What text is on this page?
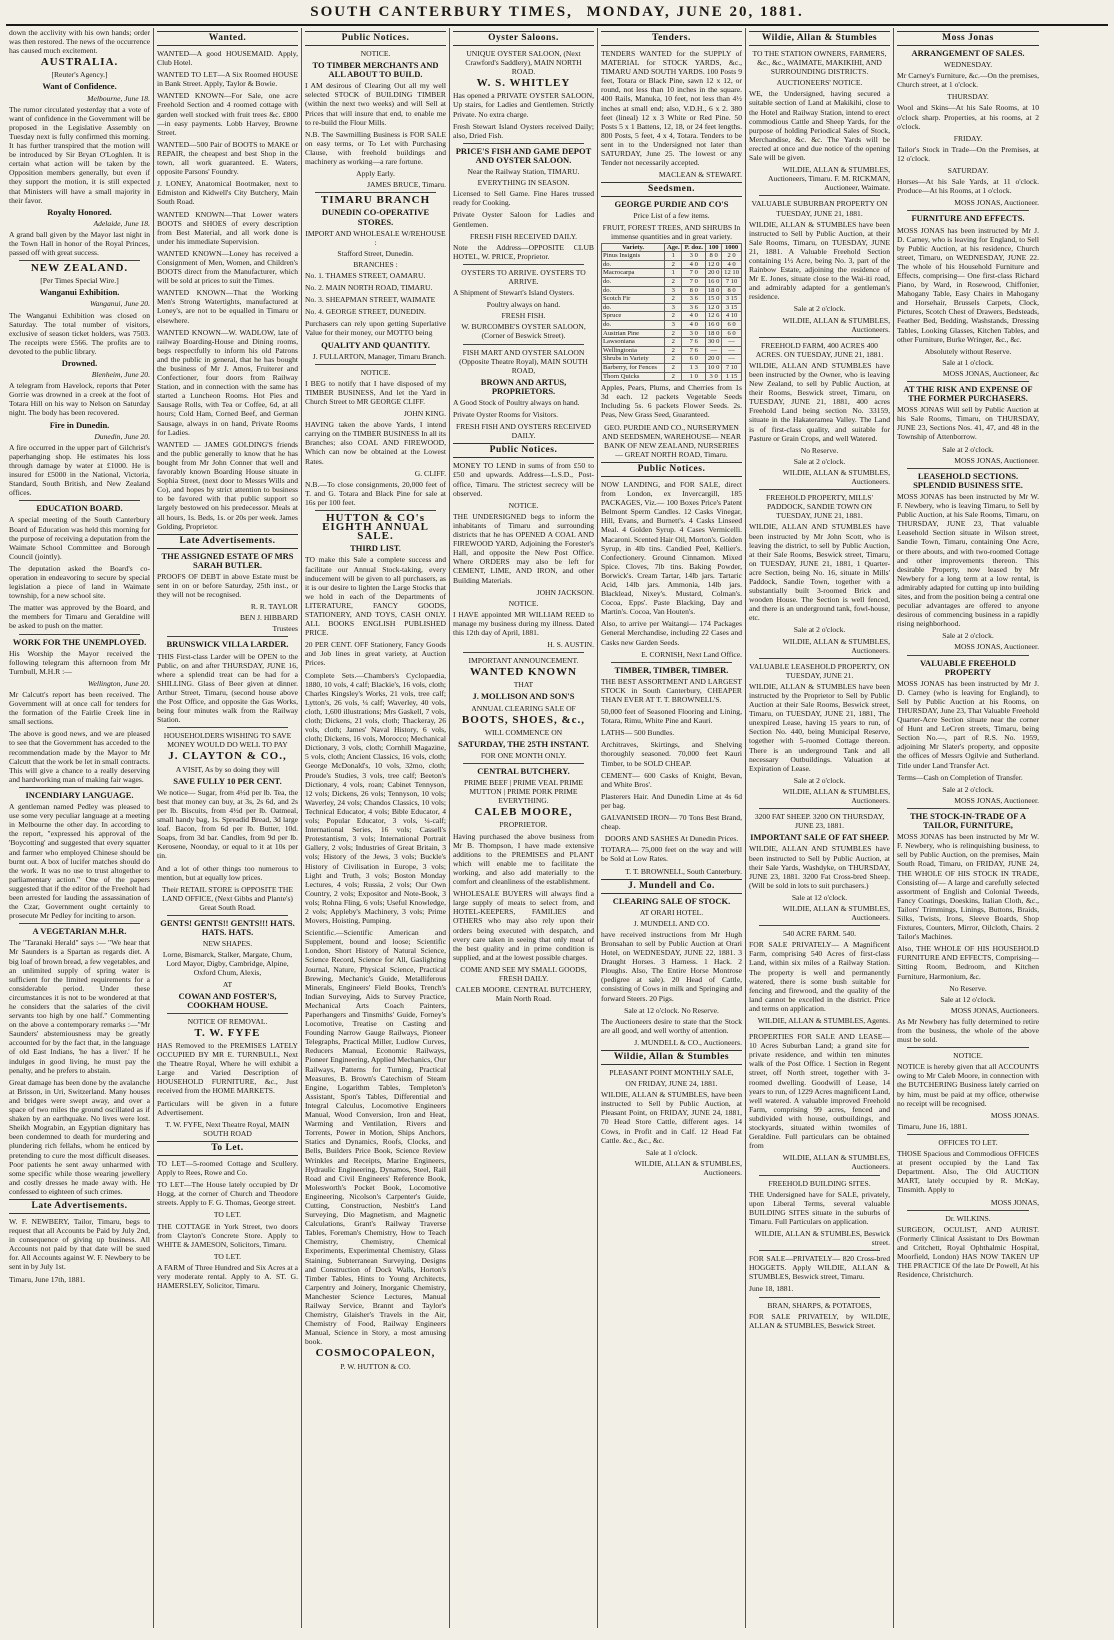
SOUTH CANTERBURY TIMES, MONDAY, JUNE 20, 1881.

down the acclivity with his own hands; order was then restored. The news of the occurrence has caused much excitement.

AUSTRALIA.

[Reuter's Agency.]

Want of Confidence.

Melbourne, June 18.

The rumor circulated yesterday that a vote of want of confidence in the Government will be proposed in the Legislative Assembly on Tuesday next is fully confirmed this morning. It has further transpired that the motion will be introduced by Sir Bryan O'Loghlen. It is certain what action will be taken by the Opposition members generally, but even if they support the motion, it is still expected that Ministers will have a small majority in their favor.

Royalty Honored.

Adelaide, June 18.

A grand ball given by the Mayor last night in the Town Hall in honor of the Royal Princes, passed off with great success.

NEW ZEALAND.

[Per Times Special Wire.]

Wanganui Exhibition.

Wanganui, June 20.

The Wanganui Exhibition was closed on Saturday. The total number of visitors, exclusive of season ticket holders, was 7503. The receipts were £566. The profits are to devoted to the public library.

Drowned.

Blenheim, June 20.

A telegram from Havelock, reports that Peter Gorrie was drowned in a creek at the foot of Totara Hill on his way to Nelson on Saturday night. The body has been recovered.

Fire in Dunedin.

Dunedin, June 20.

A fire occurred in the upper part of Gilchrist's paperhanging shop. He estimates his loss through damage by water at £1000. He is insured for £5000 in the National, Victoria, Standard, South British, and New Zealand offices.

EDUCATION BOARD.

A special meeting of the South Canterbury Board of Education was held this morning for the purpose of receiving a deputation from the Waimate School Committee and Borough Council (jointly).

The deputation asked the Board's co-operation in endeavoring to secure by special legislation a piece of land in Waimate township, for a new school site.

The matter was approved by the Board, and the members for Timaru and Geraldine will be asked to push on the matter.

WORK FOR THE UNEMPLOYED.

His Worship the Mayor received the following telegram this afternoon from Mr Turnbull, M.H.R :—

Wellington, June 20.

Mr Calcutt's report has been received. The Government will at once call for tenders for the formation of the Fairlie Creek line in small sections.

The above is good news, and we are pleased to see that the Government has acceded to the recommendation made by the Mayor to Mr Calcutt that the work be let in small contracts. This will give a chance to a really deserving and hardworking man of making fair wages.

INCENDIARY LANGUAGE.

A gentleman named Pedley was pleased to use some very peculiar language at a meeting in Melbourne the other day. In according to the report, "expressed his approval of the 'Boycotting' and suggested that every squatter and farmer who employed Chinese should be burnt out. A box of lucifer matches should do the work. It was no use to trust altogether to parliamentary action." One of the papers suggested that if the editor of the Freeholt had been arrested for lauding the assassination of the Czar, Government ought certainly to prosecute Mr Pedley for inciting to arson.

A VEGETARIAN M.H.R.

The "Taranaki Herald" says :— "We hear that Mr Saunders is a Spartan as regards diet. A big loaf of brown bread, a few vegetables, and an unlimited supply of spring water is sufficient for the limited requirements for a considerable period. Under these circumstances it is not to be wondered at that he considers that the salaries of the civil servants too high by one half." Commenting on the above a contemporary remarks :—"Mr Saunders' abstemiousness may be greatly accounted for by the fact that, in the language of old East Indians, 'he has a liver.' If he indulges in good living, he must pay the penalty, and he prefers to abstain.

Great damage has been done by the avalanche at Brisson, in Uri, Switzerland. Many houses and bridges were swept away, and over a space of two miles the ground oscillated as if shaken by an earthquake. No lives were lost. Sheikh Mograbin, an Egyptian dignitary has been condemned to death for murdering and plundering rich fellahs, whom he enticed by pretending to cure the most difficult diseases. Poor patients he sent away unharmed with some specific while those wearing jewellery and costly dresses he made away with. He confessed to eighteen of such crimes.

Late Advertisements.

W. F. NEWBERY, Tailor, Timaru, begs to request that all Accounts be Paid by July 2nd, in consequence of giving up business. All Accounts not paid by that date will be sued for. All Accounts against W. F. Newbery to be sent in by July 1st.

Timaru, June 17th, 1881.

Wanted.

WANTED—A good HOUSEMAID. Apply, Club Hotel.

WANTED TO LET—A Six Roomed HOUSE in Bank Street. Apply, Taylor & Bowie.

WANTED KNOWN—For Sale, one acre Freehold Section and 4 roomed cottage with garden well stocked with fruit trees &c. £800—in easy payments. Lobb Harvey, Browne Street.

WANTED—500 Pair of BOOTS to MAKE or REPAIR, the cheapest and best Shop in the town, all work guaranteed. E. Waters, opposite Parsons' Foundry.

J. LONEY, Anatomical Bootmaker, next to Edmiston and Kidwell's City Butchery, Main South Road.

WANTED KNOWN—That Lower waters BOOTS and SHOES of every description from Best Material, and all work done is under his immediate Supervision.

WANTED KNOWN—Loney has received a Consignment of Men, Women, and Children's BOOTS direct from the Manufacturer, which will be sold at prices to suit the Times.

WANTED KNOWN—That the Working Men's Strong Watertights, manufactured at Loney's, are not to be equalled in Timaru or elsewhere.

WANTED KNOWN—W. WADLOW, late of railway Boarding-House and Dining rooms, begs respectfully to inform his old Patrons and the public in general, that he has bought the business of Mr J. Amos, Fruiterer and Confectioner, four doors from Railway Station, and in connection with the same has started a Luncheon Rooms. Hot Pies and Sausage Rolls, with Tea or Coffee, 6d, at all hours; Cold Ham, Corned Beef, and German Sausage, always in on hand, Private Rooms for Ladies.

WANTED — JAMES GOLDING'S friends and the public generally to know that he has bought from Mr John Conner that well and favorably known Boarding House situate in Sophia Street, (next door to Messrs Wills and Co), and hopes by strict attention to business to be favored with that public support so largely bestowed on his predecessor. Meals at all hours, 1s. Beds, 1s. or 20s per week. James Golding, Proprietor.

Late Advertisements.
THE ASSIGNED ESTATE OF MRS SARAH BUTLER.

PROOFS OF DEBT in above Estate must be sent in on or before Saturday, 25th inst., or they will not be recognised.

R. R. TAYLOR

BEN J. HIBBARD

Trustees

BRUNSWICK VILLA LARDER.

THIS First-class Larder will be OPEN to the Public, on and after THURSDAY, JUNE 16, where a splendid treat can be had for a SHILLING. Glass of Beer given at dinner. Arthur Street, Timaru, (second house above the Post Office, and opposite the Gas Works, being four minutes walk from the Railway Station.

HOUSEHOLDERS WISHING TO SAVE MONEY WOULD DO WELL TO PAY

J. CLAYTON & CO.,

A VISIT, As by so doing they will

SAVE FULLY 10 PER CENT.

We notice— Sugar, from 4½d per lb. Tea, the best that money can buy, at 3s, 2s 6d, and 2s per lb. Biscuits, from 4½d per lb. Oatmeal, small handy bag, 1s. Spreadid Bread, 3d large loaf. Bacon, from 6d per lb. Butter, 10d. Soaps, from 3d bar. Candles, from 9d per lb. Kerosene, Noonday, or equal to it at 10s per tin.

And a lot of other things too numerous to mention, but at equally low prices.

Their RETAIL STORE is OPPOSITE THE LAND OFFICE, (Next Gibbs and Plante's) Great South Road.

GENTS! GENTS!! GENTS!!! HATS. HATS. HATS.

NEW SHAPES.

Lorne, Bismarck, Stalker, Margate, Chum, Lord Mayor, Digby, Cambridge, Alpine, Oxford Chum, Alexis,

AT

COWAN AND FOSTER'S, COOKHAM HOUSE.

NOTICE OF REMOVAL.

T. W. FYFE

HAS Removed to the PREMISES LATELY OCCUPIED BY MR E. TURNBULL, Next the Theatre Royal, Where he will exhibit a Large and Varied Description of HOUSEHOLD FURNITURE, &c., Just received from the HOME MARKETS.

Particulars will be given in a future Advertisement.

T. W. FYFE, Next Theatre Royal, MAIN SOUTH ROAD

To Let.

TO LET—5-roomed Cottage and Scullery. Apply to Rees, Rowe and Co.

TO LET—The House lately occupied by Dr Hogg, at the corner of Church and Theodore streets. Apply to F. G. Thomas, George street.

TO LET.

THE COTTAGE in York Street, two doors from Clayton's Concrete Store. Apply to WHITE & JAMESON, Solicitors, Timaru.

TO LET.

A FARM of Three Hundred and Six Acres at a very moderate rental. Apply to A. ST. G. HAMERSLEY, Solicitor, Timaru.

Public Notices.

NOTICE.

TO TIMBER MERCHANTS AND ALL ABOUT TO BUILD.

I AM desirous of Clearing Out all my well selected STOCK of BUILDING TIMBER (within the next two weeks) and will Sell at Prices that will insure that end, to enable me to re-build the Flour Mills.

N.B. The Sawmilling Business is FOR SALE on easy terms, or To Let with Purchasing Clause, with freehold buildings and machinery as working—a rare fortune.

Apply Early.

JAMES BRUCE, Timaru.

TIMARU BRANCH
DUNEDIN CO-OPERATIVE STORES.

IMPORT AND WHOLESALE W/REHOUSE :

Stafford Street, Dunedin.

BRANCHES :

No. 1. THAMES STREET, OAMARU.

No. 2. MAIN NORTH ROAD, TIMARU.

No. 3. SHEAPMAN STREET, WAIMATE

No. 4. GEORGE STREET, DUNEDIN.

Purchasers can rely upon getting Superlative Value for their money, our MOTTO being

QUALITY AND QUANTITY.

J. FULLARTON, Manager, Timaru Branch.

NOTICE.

I BEG to notify that I have disposed of my TIMBER BUSINESS, And let the Yard in Church Street to MR GEORGE CLIFF.

JOHN KING.

HAVING taken the above Yards, I intend carrying on the TIMBER BUSINESS In all its Branches; also COAL AND FIREWOOD, Which can now be obtained at the Lowest Rates.

G. CLIFF.

N.B.—To close consignments, 20,000 feet of T. and G. Totara and Black Pine for sale at 16s per 100 feet.

HUTTON & CO's EIGHTH ANNUAL SALE.
THIRD LIST.

TO make this Sale a complete success and facilitate our Annual Stock-taking, every inducement will be given to all purchasers, as it is our desire to lighten the Large Stocks that we hold in each of the Departments of LITERATURE, FANCY GOODS, STATIONERY, AND TOYS, CASH ONLY. ALL BOOKS ENGLISH PUBLISHED PRICE.

20 PER CENT. OFF Stationery, Fancy Goods and Job lines in great variety, at Auction Prices.

Complete Sets.—Chambers's Cyclopaedia, 1880, 10 vols, 4 calf; Blackie's, 16 vols, cloth; Charles Kingsley's Works, 21 vols, tree calf; Lytton's, 26 vols, ¼ calf; Waverley, 40 vols, cloth, 1,600 illustrations; Mrs Gaskell, 7 vols, cloth; Dickens, 21 vols, cloth; Thackeray, 26 vols, cloth; James' Naval History, 6 vols, cloth; Dickens, 16 vols, Morocco; Mechanical Dictionary, 3 vols, cloth; Cornhill Magazine, 5 vols, cloth; Ancient Classics, 16 vols, cloth; George McDonald's, 10 vols, 32mo, cloth; Proude's Studies, 3 vols, tree calf; Beeton's Dictionary, 4 vols, roan; Cabinet Tennyson, 12 vols; Dickens, 26 vols; Tennyson, 10 vols; Waverley, 24 vols; Chandos Classics, 10 vols; Technical Educator, 4 vols; Bible Educator, 4 vols; Popular Educator, 3 vols, ¼-calf; International Series, 16 vols; Cassell's Protestantism, 3 vols; International Portrait Gallery, 2 vols; Industries of Great Britain, 3 vols; History of the Jews, 3 vols; Buckle's History of Civilisation in Europe, 3 vols; Light and Truth, 3 vols; Boston Monday Lectures, 4 vols; Russia, 2 vols; Our Own Country, 2 vols; Expositor and Note-Book, 3 vols; Rohna Fling, 6 vols; Useful Knowledge, 2 vols; Appleby's Machinery, 3 vols; Prime Movers, Hoisting, Pumping.

Scientific.—Scientific American and Supplement, bound and loose; Scientific London, Short History of Natural Science, Science Record, Science for All, Gaslighting Journal, Nature, Physical Science, Practical Brewing, Mechanic's Guide, Metalliferous Minerals, Engineers' Field Books, Trench's Indian Surveying, Aids to Survey Practice, Mechanical Arts Coach Painters, Paperhangers and Tinsmiths' Guide, Forney's Locomotive, Treatise on Casting and Founding Narrow Gauge Railways, Pioneer Telegraphs, Practical Miller, Ludlow Curves, Reducers Manual, Economic Railways, Pioneer Engineering, Applied Mechanics, Our Railways, Patterns for Turning, Practical Measures, B. Brown's Catechism of Steam Engine, Logarithm Tables, Templeton's Assistant, Spon's Tables, Differential and Integral Calculus, Locomotive Engineers Manual, Wood Conversion, Iron and Heat, Warming and Ventilation, Rivers and Torrents, Power in Motion, Ships Anchors, Statics and Dynamics, Roofs, Clocks, and Bells, Builders Price Book, Science Review Wrinkles and Receipts, Marine Engineers, Hydraulic Engineering, Dynamos, Steel, Rail Road and Civil Engineers' Reference Book, Molesworth's Pocket Book, Locomotive Engineering, Nicolson's Carpenter's Guide, Cutting, Construction, Nesbitt's Land Surveying, Dio Magnetism, and Magnetic Calculations, Grant's Railway Traverse Tables, Foreman's Chemistry, How to Teach Chemistry, Chemistry, Chemical Experiments, Experimental Chemistry, Glass Staining, Subterranean Surveying, Designs and Construction of Dock Walls, Horton's Timber Tables, Hints to Young Architects, Carpentry and Joinery, Inorganic Chemistry, Manchester Science Lectures, Manual Railway Service, Brannt and Taylor's Chemistry, Glaisher's Travels in the Air, Chemistry of Food, Railway Engineers Manual, Science in Story, a most amusing book.

COSMOCOPALEON,

P. W. HUTTON & CO.

Oyster Saloons.

UNIQUE OYSTER SALOON, (Next Crawford's Saddlery), MAIN NORTH ROAD.

W. S. WHITLEY

Has opened a PRIVATE OYSTER SALOON, Up stairs, for Ladies and Gentlemen. Strictly Private. No extra charge.

Fresh Stewart Island Oysters received Daily; also, Dried Fish.

PRICE'S FISH AND GAME DEPOT AND OYSTER SALOON.

Near the Railway Station, TIMARU.

EVERYTHING IN SEASON.

Licensed to Sell Game. Fine Hares trussed ready for Cooking.

Private Oyster Saloon for Ladies and Gentlemen.

FRESH FISH RECEIVED DAILY.

Note the Address—OPPOSITE CLUB HOTEL, W. PRICE, Proprietor.

OYSTERS TO ARRIVE. OYSTERS TO ARRIVE.

A Shipment of Stewart's Island Oysters.

Poultry always on hand.

FRESH FISH.

W. BURCOMBE'S OYSTER SALOON, (Corner of Beswick Street).

FISH MART AND OYSTER SALOON (Opposite Theatre Royal), MAIN SOUTH ROAD,

BROWN AND ARTUS, PROPRIETORS.

A Good Stock of Poultry always on hand.

Private Oyster Rooms for Visitors.

FRESH FISH AND OYSTERS RECEIVED DAILY.

Public Notices.

MONEY TO LEND in sums of from £50 to £50 and upwards. Address—L.S.D., Post-office, Timaru. The strictest secrecy will be observed.

NOTICE.

THE UNDERSIGNED begs to inform the inhabitants of Timaru and surrounding districts that he has OPENED A COAL AND FIREWOOD YARD, Adjoining the Forester's Hall, and opposite the New Post Office. Where ORDERS may also be left for CEMENT, LIME, AND IRON, and other Building Materials.

JOHN JACKSON.

NOTICE.

I HAVE appointed MR WILLIAM REED to manage my business during my illness. Dated this 12th day of April, 1881.

H. S. AUSTIN.

IMPORTANT ANNOUNCEMENT.

WANTED KNOWN

THAT

J. MOLLISON AND SON'S

ANNUAL CLEARING SALE OF

BOOTS, SHOES, &c.,

WILL COMMENCE ON

SATURDAY, THE 25TH INSTANT.

FOR ONE MONTH ONLY.

CENTRAL BUTCHERY.

PRIME BEEF | PRIME VEAL PRIME MUTTON | PRIME PORK PRIME EVERYTHING.

CALEB MOORE,

PROPRIETOR.

Having purchased the above business from Mr B. Thompson, I have made extensive additions to the PREMISES and PLANT which will enable me to facilitate the working, and also add materially to the comfort and cleanliness of the establishment.

WHOLESALE BUYERS will always find a large supply of meats to select from, and HOTEL-KEEPERS, FAMILIES and OTHERS who may also rely upon their orders being executed with despatch, and every care taken in seeing that only meat of the best quality and in prime condition is supplied, and at the lowest possible charges.

COME AND SEE MY SMALL GOODS, FRESH DAILY.

CALEB MOORE. CENTRAL BUTCHERY, Main North Road.

Tenders.

TENDERS WANTED for the SUPPLY of MATERIAL for STOCK YARDS, &c., TIMARU AND SOUTH YARDS. 100 Posts 9 feet, Totara or Black Pine, sawn 12 x 12, or round, not less than 10 inches in the square. 400 Rails, Manuka, 10 feet, not less than 4½ inches at small end; also, V.D.H., 6 x 2. 380 feet (lineal) 12 x 3 White or Red Pine. 50 Posts 5 x 1 Battens, 12, 18, or 24 feet lengths. 800 Posts, 5 feet, 4 x 4, Totara. Tenders to be sent in to the Undersigned not later than SATURDAY, June 25. The lowest or any Tender not necessarily accepted.

MACLEAN & STEWART.

Seedsmen.
GEORGE PURDIE AND CO'S

Price List of a few items.

FRUIT, FOREST TREES, AND SHRUBS In immense quantities and in great variety.

Variety.	Age.	P. doz.	100	1000
Pinus Insignis	1	3 0	8 0	2 0
do.	2	4 0	12 0	4 0
Macrocarpa	1	7 0	20 0	12 10
do.	2	7 0	16 0	7 10
do.	3	8 0	18 0	8 0
Scotch Fir	2	3 6	15 0	3 15
do.	3	3 6	12 0	3 15
Spruce	2	4 0	12 6	4 10
do.	3	4 0	16 0	6 0
Austrian Pine	2	3 0	18 0	6 0
Lawsoniana	2	7 6	30 0	—
Wellingtonia	2	7 6	—	—
Shrubs in Variety	2	6 0	20 0	—
Barberry, for Fences	2	1 3	10 0	7 10
Thorn Quicks	2	1 0	3 0	1 15

Apples, Pears, Plums, and Cherries from 1s 3d each. 12 packets Vegetable Seeds Including 5s. 6 packets Flower Seeds. 2s. Peas, New Grass Seed, Guaranteed.

GEO. PURDIE AND CO., NURSERYMEN AND SEEDSMEN, WAREHOUSE— NEAR BANK OF NEW ZEALAND, NURSERIES— GREAT NORTH ROAD, Timaru.

Public Notices.

NOW LANDING, and FOR SALE, direct from London, ex Invercargill, 185 PACKAGES, Viz.— 100 Boxes Price's Patent Belmont Sperm Candles. 12 Casks Vinegar, Hill, Evans, and Burnett's. 4 Casks Linseed Meal. 4 Golden Syrup. 4 Cases Vermicelli. Macaroni. Scented Hair Oil, Morton's. Golden Syrup, in 4lb tins. Candied Peel, Kellier's. Confectionery. Ground Cinnamon. Mixed Spice. Cloves, 7lb tins. Baking Powder, Borwick's. Cream Tartar, 14lb jars. Tartaric Acid, 14lb jars. Ammonia, 14lb jars. Blacklead, Nixey's. Mustard, Colman's. Cocoa, Epps'. Paste Blacking, Day and Martin's. Cocoa, Van Houten's.

Also, to arrive per Waitangi— 174 Packages General Merchandise, including 22 Cases and Casks new Garden Seeds.

E. CORNISH, Next Land Office.

TIMBER, TIMBER, TIMBER.

THE BEST ASSORTMENT AND LARGEST STOCK in South Canterbury, CHEAPER THAN EVER AT T. T. BROWNELL'S.

50,000 feet of Seasoned Flooring and Lining, Totara, Rimu, White Pine and Kauri.

LATHS— 500 Bundles.

Architraves, Skirtings, and Shelving thoroughly seasoned. 70,000 feet Kauri Timber, to be SOLD CHEAP.

CEMENT— 600 Casks of Knight, Bevan, and White Bros'.

Plasterers Hair. And Dunedin Lime at 4s 6d per bag.

GALVANISED IRON— 70 Tons Best Brand, cheap.

DOORS AND SASHES At Dunedin Prices.

TOTARA— 75,000 feet on the way and will be Sold at Low Rates.

T. T. BROWNELL, South Canterbury.

J. Mundell and Co.
CLEARING SALE OF STOCK.

AT ORARI HOTEL.

J. MUNDELL AND CO.

have received instructions from Mr Hugh Bronsahan to sell by Public Auction at Orari Hotel, on WEDNESDAY, JUNE 22, 1881. 3 Draught Horses. 3 Harness. 1 Hack. 2 Ploughs. Also, The Entire Horse Montrose (pedigree at sale). 20 Head of Cattle, consisting of Cows in milk and Springing and forward Steers. 20 Pigs.

Sale at 12 o'clock. No Reserve.

The Auctioneers desire to state that the Stock are all good, and well worthy of attention.

J. MUNDELL & CO., Auctioneers.

Wildie, Allan & Stumbles

PLEASANT POINT MONTHLY SALE,

ON FRIDAY, JUNE 24, 1881.

WILDIE, ALLAN & STUMBLES, have been instructed to Sell by Public Auction, at Pleasant Point, on FRIDAY, JUNE 24, 1881, 70 Head Store Cattle, different ages. 14 Cows, in Profit and in Calf. 12 Head Fat Cattle. &c., &c., &c.

Sale at 1 o'clock.

WILDIE, ALLAN & STUMBLES, Auctioneers.

Wildie, Allan & Stumbles

TO THE STATION OWNERS, FARMERS, &c., &c., WAIMATE, MAKIKIHI, AND SURROUNDING DISTRICTS.

AUCTIONEERS' NOTICE.

WE, the Undersigned, having secured a suitable section of Land at Makikihi, close to the Hotel and Railway Station, intend to erect commodious Cattle and Sheep Yards, for the purpose of holding Periodical Sales of Stock, Merchandise, &c. &c. The Yards will be erected at once and due notice of the opening Sale will be given.

WILDIE, ALLAN & STUMBLES, Auctioneers, Timaru. F. M. RICKMAN, Auctioneer, Waimate.

VALUABLE SUBURBAN PROPERTY ON TUESDAY, JUNE 21, 1881.

WILDIE, ALLAN & STUMBLES have been instructed to Sell by Public Auction, at their Sale Rooms, Timaru, on TUESDAY, JUNE 21, 1881. A Valuable Freehold Section containing 1½ Acre, being No. 3, part of the Rainbow Estate, adjoining the residence of Mr E. Jones, situate close to the Wai-iti road, and admirably adapted for a gentleman's residence.

Sale at 2 o'clock.

WILDIE, ALLAN & STUMBLES, Auctioneers.

FREEHOLD FARM, 400 ACRES 400 ACRES. ON TUESDAY, JUNE 21, 1881.

WILDIE, ALLAN AND STUMBLES have been instructed by the Owner, who is leaving New Zealand, to sell by Public Auction, at their Rooms, Beswick street, Timaru, on TUESDAY, JUNE 21, 1881, 400 acres Freehold Land being section No. 33159, situate in the Hakateramea Valley. The Land is of first-class quality, and suitable for Pasture or Grain Crops, and well Watered.

No Reserve.

Sale at 2 o'clock.

WILDIE, ALLAN & STUMBLES, Auctioneers.

FREEHOLD PROPERTY, MILLS' PADDOCK, SANDIE TOWN ON TUESDAY, JUNE 21, 1881.

WILDIE, ALLAN AND STUMBLES have been instructed by Mr John Scott, who is leaving the district, to sell by Public Auction, at their Sale Rooms, Beswick street, Timaru, on TUESDAY, JUNE 21, 1881, 1 Quarter-acre Section, being No. 16, situate in Mills' Paddock, Sandie Town, together with a substantially built 3-roomed Brick and wooden House. The Section is well fenced, and there is an underground tank, fowl-house, etc.

Sale at 2 o'clock.

WILDIE, ALLAN & STUMBLES, Auctioneers.

VALUABLE LEASEHOLD PROPERTY, ON TUESDAY, JUNE 21.

WILDIE, ALLAN & STUMBLES have been instructed by the Proprietor to Sell by Public Auction at their Sale Rooms, Beswick street, Timaru, on TUESDAY, JUNE 21, 1881, The unexpired Lease, having 15 years to run, of Section No. 440, being Municipal Reserve, together with 5-roomed Cottage thereon. There is an underground Tank and all necessary Outbuildings. Valuation at Expiration of Lease.

Sale at 2 o'clock.

WILDIE, ALLAN & STUMBLES, Auctioneers.

3200 FAT SHEEP. 3200 ON THURSDAY, JUNE 23, 1881.

IMPORTANT SALE OF FAT SHEEP.

WILDIE, ALLAN AND STUMBLES have been instructed to Sell by Public Auction, at their Sale Yards, Washdyke, on THURSDAY, JUNE 23, 1881. 3200 Fat Cross-bred Sheep. (Will be sold in lots to suit purchasers.)

Sale at 12 o'clock.

WILDIE, ALLAN & STUMBLES, Auctioneers.

540 ACRE FARM. 540.

FOR SALE PRIVATELY— A Magnificent Farm, comprising 540 Acres of first-class Land, within six miles of a Railway Station. The property is well and permanently watered, there is some bush suitable for fencing and firewood, and the quality of the land cannot be excelled in the district. Price and terms on application.

WILDIE, ALLAN & STUMBLES, Agents.

PROPERTIES FOR SALE AND LEASE— 10 Acres Suburban Land; a grand site for private residence, and within ten minutes walk of the Post Office. 1 Section in Regent street, off North street, together with 3-roomed dwelling. Goodwill of Lease, 14 years to run, of 1229 Acres magnificent Land, well watered. A valuable improved Freehold Farm, comprising 99 acres, fenced and subdivided with house, outbuildings, and stockyards, situated within twomiles of Geraldine. Full particulars can be obtained from

WILDIE, ALLAN & STUMBLES, Auctioneers.

FREEHOLD BUILDING SITES.

THE Undersigned have for SALE, privately, upon Liberal Terms, several valuable BUILDING SITES situate in the suburbs of Timaru. Full Particulars on application.

WILDIE, ALLAN & STUMBLES, Beswick street.

FOR SALE—PRIVATELY— 820 Cross-bred HOGGETS. Apply WILDIE, ALLAN & STUMBLES, Beswick street, Timaru.

June 18, 1881.

BRAN, SHARPS, & POTATOES,

FOR SALE PRIVATELY, by WILDIE, ALLAN & STUMBLES, Beswick Street.

Moss Jonas
ARRANGEMENT OF SALES.

WEDNESDAY.

Mr Carney's Furniture, &c.—On the premises, Church street, at 1 o'clock.

THURSDAY.

Wool and Skins—At his Sale Rooms, at 10 o'clock sharp. Properties, at his rooms, at 2 o'clock.

FRIDAY.

Tailor's Stock in Trade—On the Premises, at 12 o'clock.

SATURDAY.

Horses—At his Sale Yards, at 11 o'clock. Produce—At his Rooms, at 1 o'clock.

MOSS JONAS, Auctioneer.

FURNITURE AND EFFECTS.

MOSS JONAS has been instructed by Mr J. D. Carney, who is leaving for England, to Sell by Public Auction, at his residence, Church street, Timaru, on WEDNESDAY, JUNE 22. The whole of his Household Furniture and Effects, comprising— One first-class Richard Piano, by Ward, in Rosewood, Chiffonier, Mahogany Table, Easy Chairs in Mahogany and Horsehair, Brussels Carpets, Clock, Pictures, Scotch Chest of Drawers, Bedsteads, Feather Bed, Bedding, Washstands, Dressing Tables, Looking Glasses, Kitchen Tables, and other Furniture, Burke Wringer, &c., &c.

Absolutely without Reserve.

Sale at 1 o'clock.

MOSS JONAS, Auctioneer, &c

AT THE RISK AND EXPENSE OF THE FORMER PURCHASERS.

MOSS JONAS Will sell by Public Auction at his Sale Rooms, Timaru, on THURSDAY, JUNE 23, Sections Nos. 41, 47, and 48 in the Township of Attenborrow.

Sale at 2 o'clock.

MOSS JONAS, Auctioneer.

LEASEHOLD SECTIONS. SPLENDID BUSINESS SITE.

MOSS JONAS has been instructed by Mr W. F. Newbery, who is leaving Timaru, to Sell by Public Auction, at his Sale Rooms, Timaru, on THURSDAY, JUNE 23, That valuable Leasehold Section situate in Wilson street, Sandie Town, Timaru, containing One Acre, or there abouts, and with two-roomed Cottage and other improvements thereon. This desirable Property, now leased by Mr Newbery for a long term at a low rental, is admirably adapted for cutting up into building sites, and from the position being a central one peculiar advantages are offered to anyone desirous of commencing business in a rapidly rising neighborhood.

Sale at 2 o'clock.

MOSS JONAS, Auctioneer.

VALUABLE FREEHOLD PROPERTY

MOSS JONAS has been instructed by Mr J. D. Carney (who is leaving for England), to Sell by Public Auction at his Rooms, on THURSDAY, June 23, That Valuable Freehold Quarter-Acre Section situate near the corner of Hunt and LeCren streets, Timaru, being Section No.—, part of R.S. No. 1959, adjoining Mr Slater's property, and opposite the offices of Messrs Ogilvie and Sutherland. Title under Land Transfer Act.

Terms—Cash on Completion of Transfer.

Sale at 2 o'clock.

MOSS JONAS, Auctioneer.

THE STOCK-IN-TRADE OF A TAILOR, FURNITURE,

MOSS JONAS has been instructed by Mr W. F. Newbery, who is relinquishing business, to sell by Public Auction, on the premises, Main South Road, Timaru, on FRIDAY, JUNE 24, THE WHOLE OF HIS STOCK IN TRADE, Consisting of— A large and carefully selected assortment of English and Colonial Tweeds, Fancy Coatings, Doeskins, Italian Cloth, &c., Tailors' Trimmings, Linings, Buttons, Braids, Silks, Twists, Irons, Sleeve Boards, Shop Fixtures, Counters, Mirror, Oilcloth, Chairs. 2 Tailor's Machines.

Also, THE WHOLE OF HIS HOUSEHOLD FURNITURE AND EFFECTS, Comprising— Sitting Room, Bedroom, and Kitchen Furniture, Harmonium, &c.

No Reserve.

Sale at 12 o'clock.

MOSS JONAS, Auctioneers.

As Mr Newbery has fully determined to retire from the business, the whole of the above must be sold.

NOTICE.

NOTICE is hereby given that all ACCOUNTS owing to Mr Caleb Moore, in connection with the BUTCHERING Business lately carried on by him, must be paid at my office, otherwise no receipt will be recognised.

MOSS JONAS.

Timaru, June 16, 1881.

OFFICES TO LET.

THOSE Spacious and Commodious OFFICES at present occupied by the Land Tax Department. Also, The Old AUCTION MART, lately occupied by R. McKay, Tinsmith. Apply to

MOSS JONAS,

Dr. WILKINS.

SURGEON, OCULIST, AND AURIST. (Formerly Clinical Assistant to Drs Bowman and Critchett, Royal Ophthalmic Hospital, Moorfield, London) HAS NOW TAKEN UP THE PRACTICE Of the late Dr Powell, At his Residence, Christchurch.
